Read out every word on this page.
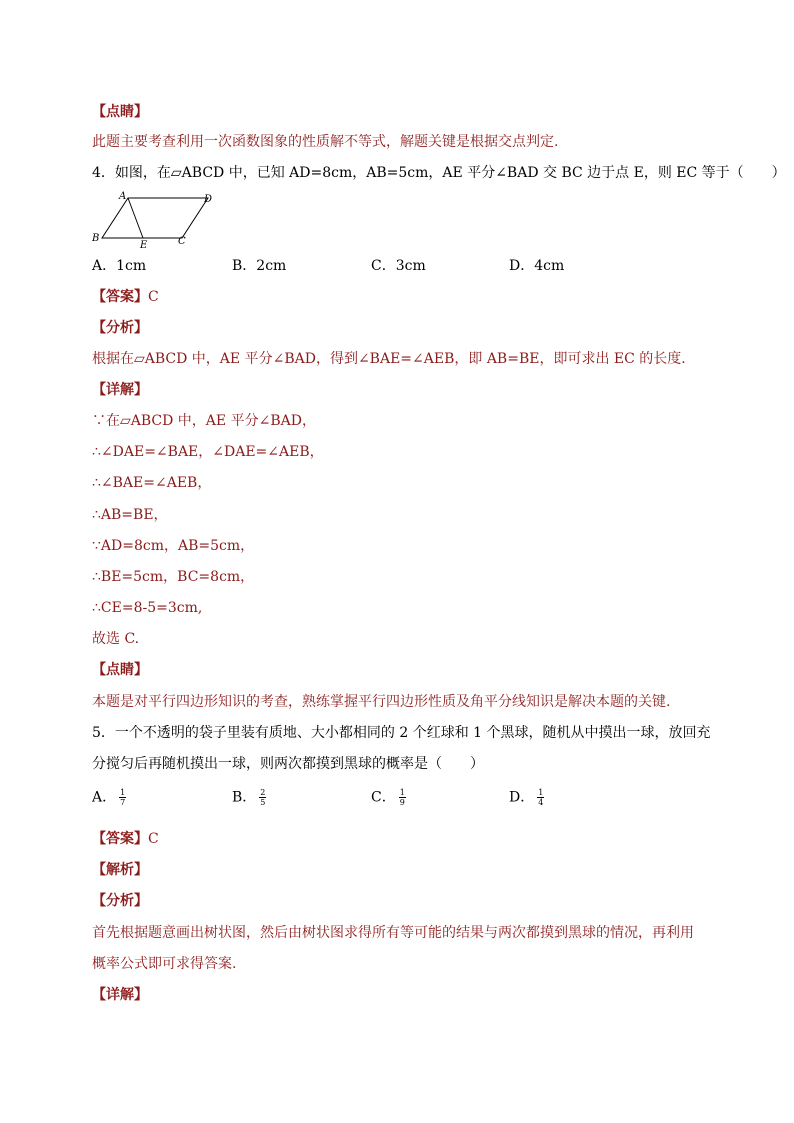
【点睛】
此题主要考查利用一次函数图象的性质解不等式，解题关键是根据交点判定.
4．如图，在▱ABCD 中，已知 AD=8cm，AB=5cm，AE 平分∠BAD 交 BC 边于点 E，则 EC 等于（　　）
A	D
B
E	C
A．1cm	B．2cm	C．3cm	D．4cm
【答案】C
【分析】
根据在▱ABCD 中，AE 平分∠BAD，得到∠BAE=∠AEB，即 AB=BE，即可求出 EC 的长度.
【详解】
∵在▱ABCD 中，AE 平分∠BAD，
∴∠DAE=∠BAE，∠DAE=∠AEB，
∴∠BAE=∠AEB，
∴AB=BE，
∵AD=8cm，AB=5cm，
∴BE=5cm，BC=8cm，
∴CE=8-5=3cm,
故选 C.
【点睛】
本题是对平行四边形知识的考查，熟练掌握平行四边形性质及角平分线知识是解决本题的关键.
5．一个不透明的袋子里装有质地、大小都相同的 2 个红球和 1 个黑球，随机从中摸出一球，放回充
分搅匀后再随机摸出一球，则两次都摸到黑球的概率是（　　）
A． $\frac{1}{7}$	B． $\frac{2}{5}$	C． $\frac{1}{9}$	D． $\frac{1}{4}$
【答案】C
【解析】
【分析】
首先根据题意画出树状图，然后由树状图求得所有等可能的结果与两次都摸到黑球的情况，再利用
概率公式即可求得答案.
【详解】
